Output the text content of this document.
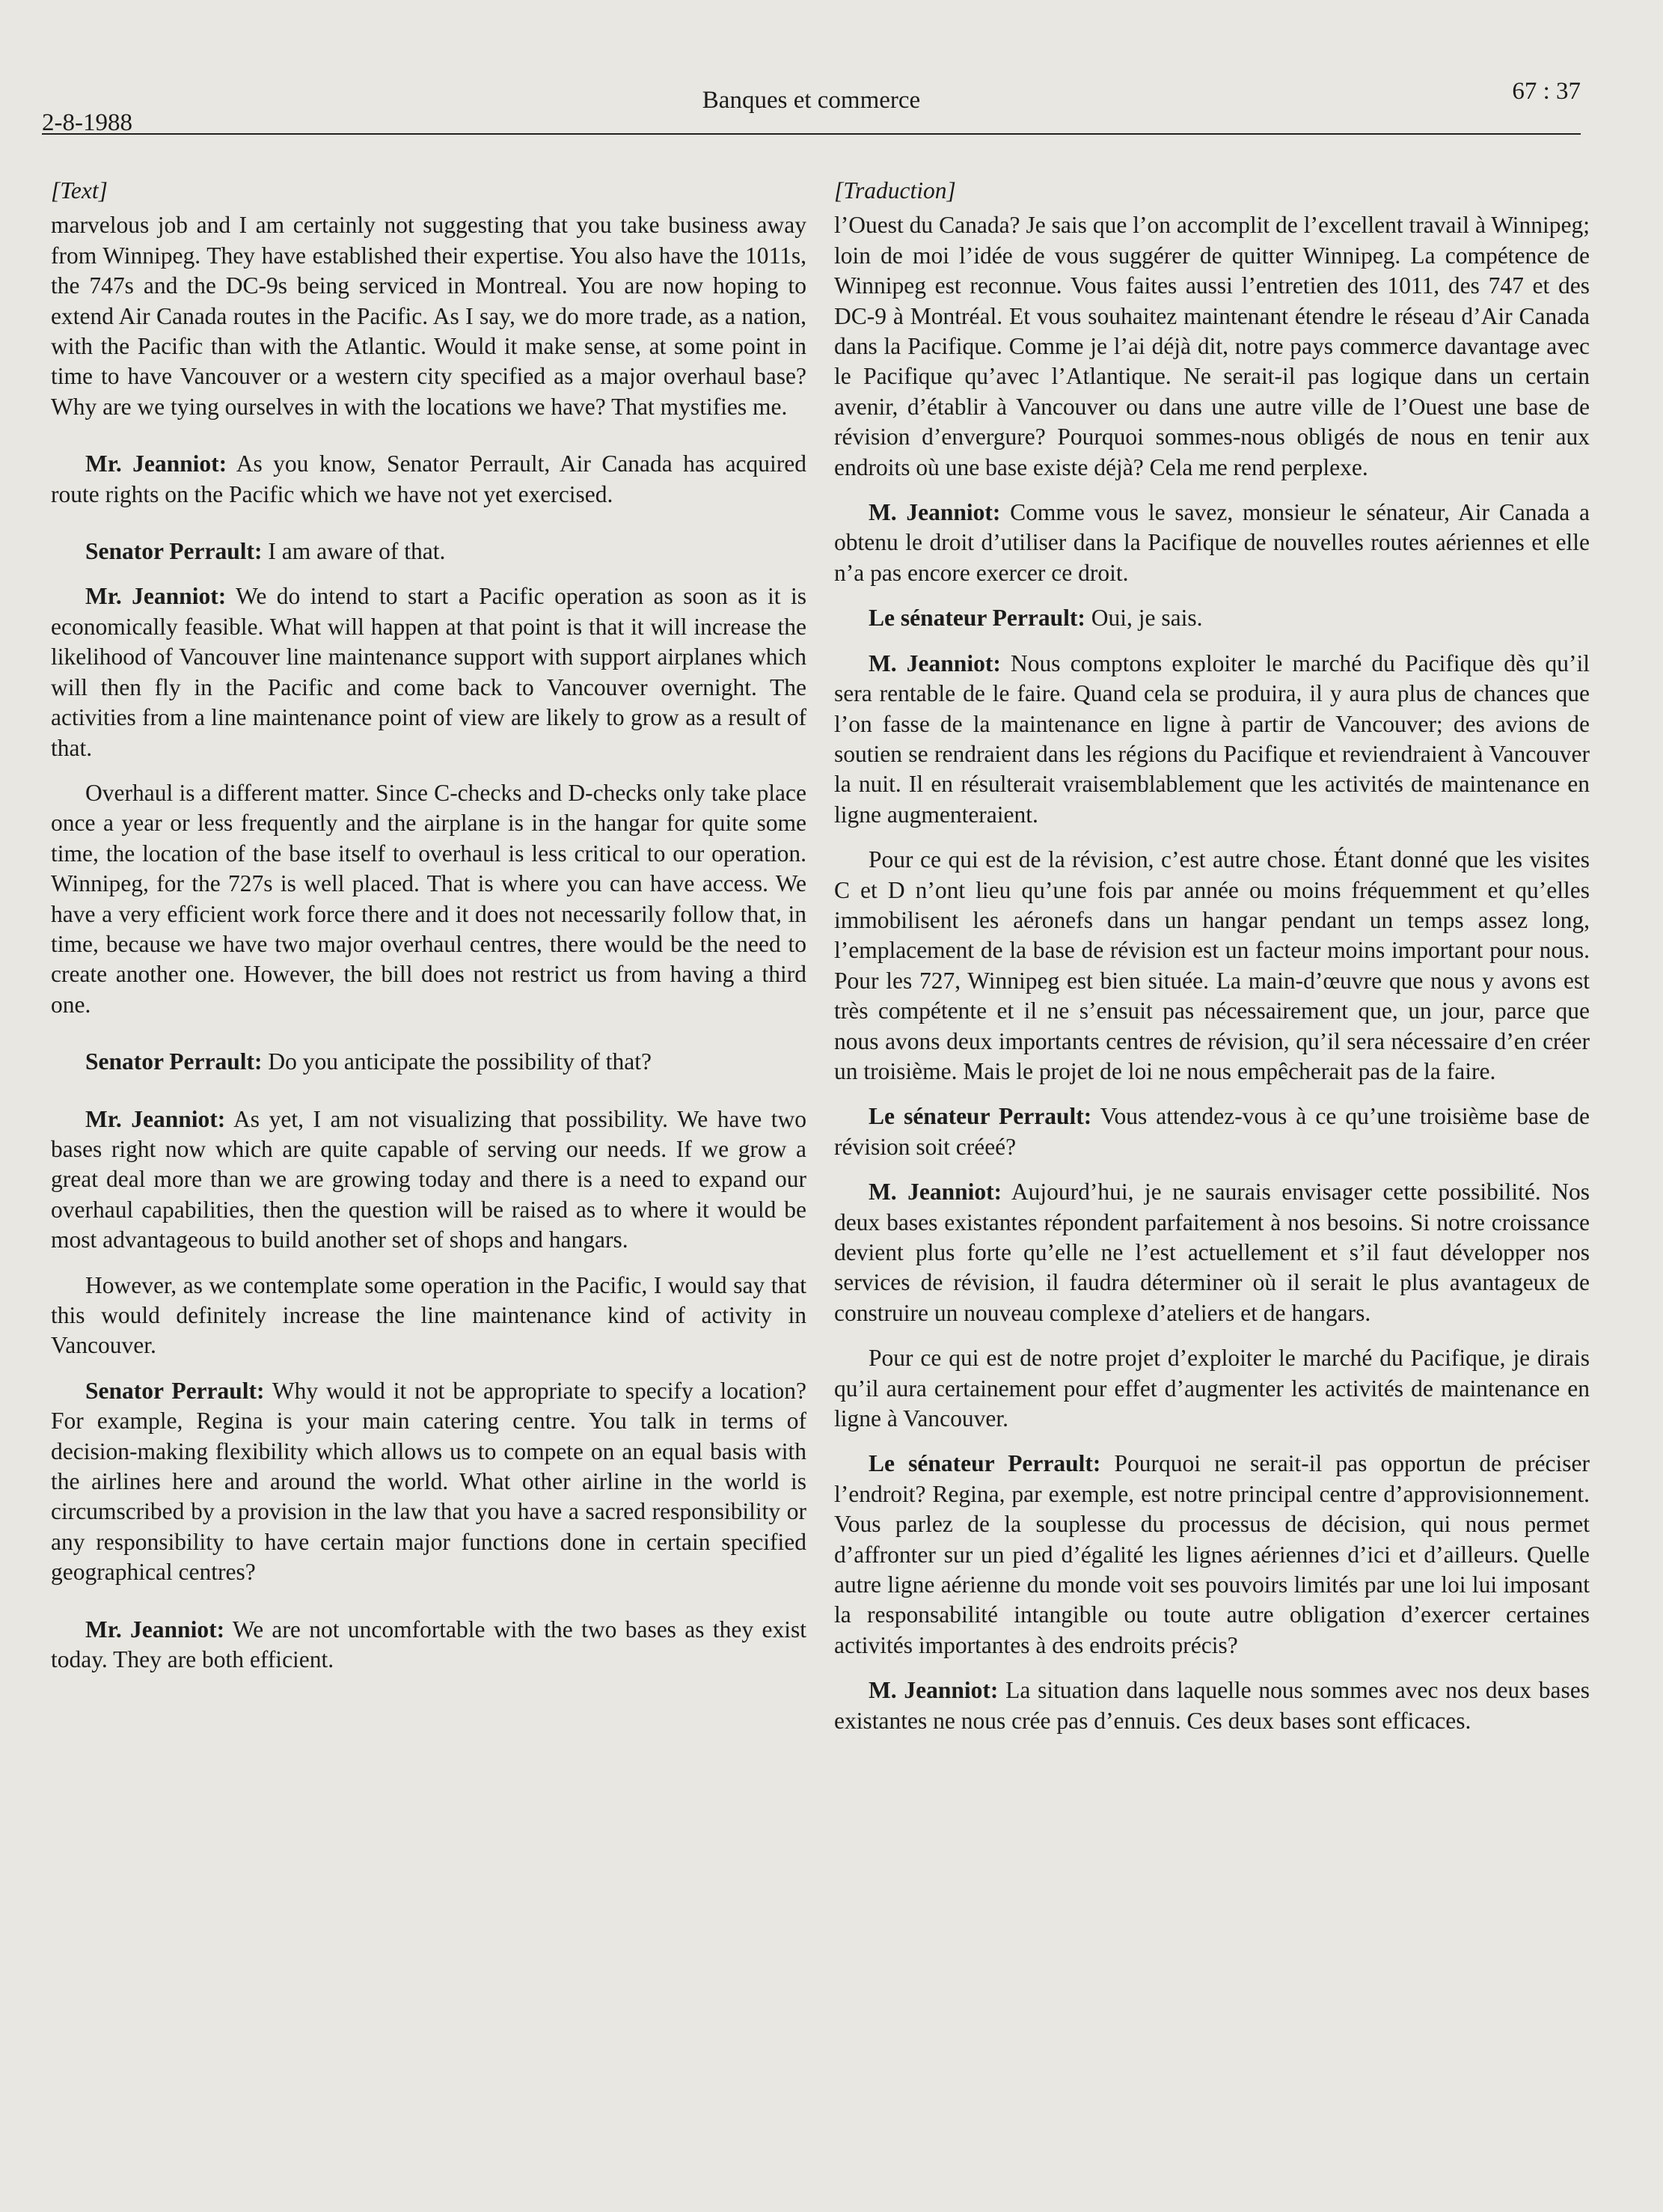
2-8-1988
Banques et commerce	67 : 37
[Text]

marvelous job and I am certainly not suggesting that you take business away from Winnipeg. They have established their expertise. You also have the 1011s, the 747s and the DC-9s being serviced in Montreal. You are now hoping to extend Air Canada routes in the Pacific. As I say, we do more trade, as a nation, with the Pacific than with the Atlantic. Would it make sense, at some point in time to have Vancouver or a western city specified as a major overhaul base? Why are we tying ourselves in with the locations we have? That mystifies me.

Mr. Jeanniot: As you know, Senator Perrault, Air Canada has acquired route rights on the Pacific which we have not yet exercised.

Senator Perrault: I am aware of that.

Mr. Jeanniot: We do intend to start a Pacific operation as soon as it is economically feasible. What will happen at that point is that it will increase the likelihood of Vancouver line maintenance support with support airplanes which will then fly in the Pacific and come back to Vancouver overnight. The activities from a line maintenance point of view are likely to grow as a result of that.

Overhaul is a different matter. Since C-checks and D-checks only take place once a year or less frequently and the airplane is in the hangar for quite some time, the location of the base itself to overhaul is less critical to our operation. Winnipeg, for the 727s is well placed. That is where you can have access. We have a very efficient work force there and it does not necessarily follow that, in time, because we have two major overhaul centres, there would be the need to create another one. However, the bill does not restrict us from having a third one.

Senator Perrault: Do you anticipate the possibility of that?

Mr. Jeanniot: As yet, I am not visualizing that possibility. We have two bases right now which are quite capable of serving our needs. If we grow a great deal more than we are growing today and there is a need to expand our overhaul capabilities, then the question will be raised as to where it would be most advantageous to build another set of shops and hangars.

However, as we contemplate some operation in the Pacific, I would say that this would definitely increase the line maintenance kind of activity in Vancouver.

Senator Perrault: Why would it not be appropriate to specify a location? For example, Regina is your main catering centre. You talk in terms of decision-making flexibility which allows us to compete on an equal basis with the airlines here and around the world. What other airline in the world is circumscribed by a provision in the law that you have a sacred responsibility or any responsibility to have certain major functions done in certain specified geographical centres?

Mr. Jeanniot: We are not uncomfortable with the two bases as they exist today. They are both efficient.

[Traduction]

l’Ouest du Canada? Je sais que l’on accomplit de l’excellent travail à Winnipeg; loin de moi l’idée de vous suggérer de quitter Winnipeg. La compétence de Winnipeg est reconnue. Vous faites aussi l’entretien des 1011, des 747 et des DC-9 à Montréal. Et vous souhaitez maintenant étendre le réseau d’Air Canada dans la Pacifique. Comme je l’ai déjà dit, notre pays commerce davantage avec le Pacifique qu’avec l’Atlantique. Ne serait-il pas logique dans un certain avenir, d’établir à Vancouver ou dans une autre ville de l’Ouest une base de révision d’envergure? Pourquoi sommes-nous obligés de nous en tenir aux endroits où une base existe déjà? Cela me rend perplexe.

M. Jeanniot: Comme vous le savez, monsieur le sénateur, Air Canada a obtenu le droit d’utiliser dans la Pacifique de nouvelles routes aériennes et elle n’a pas encore exercer ce droit.

Le sénateur Perrault: Oui, je sais.

M. Jeanniot: Nous comptons exploiter le marché du Pacifique dès qu’il sera rentable de le faire. Quand cela se produira, il y aura plus de chances que l’on fasse de la maintenance en ligne à partir de Vancouver; des avions de soutien se rendraient dans les régions du Pacifique et reviendraient à Vancouver la nuit. Il en résulterait vraisemblablement que les activités de maintenance en ligne augmenteraient.

Pour ce qui est de la révision, c’est autre chose. Étant donné que les visites C et D n’ont lieu qu’une fois par année ou moins fréquemment et qu’elles immobilisent les aéronefs dans un hangar pendant un temps assez long, l’emplacement de la base de révision est un facteur moins important pour nous. Pour les 727, Winnipeg est bien située. La main-d’œuvre que nous y avons est très compétente et il ne s’ensuit pas nécessairement que, un jour, parce que nous avons deux importants centres de révision, qu’il sera nécessaire d’en créer un troisième. Mais le projet de loi ne nous empêcherait pas de la faire.

Le sénateur Perrault: Vous attendez-vous à ce qu’une troisième base de révision soit créeé?

M. Jeanniot: Aujourd’hui, je ne saurais envisager cette possibilité. Nos deux bases existantes répondent parfaitement à nos besoins. Si notre croissance devient plus forte qu’elle ne l’est actuellement et s’il faut développer nos services de révision, il faudra déterminer où il serait le plus avantageux de construire un nouveau complexe d’ateliers et de hangars.

Pour ce qui est de notre projet d’exploiter le marché du Pacifique, je dirais qu’il aura certainement pour effet d’augmenter les activités de maintenance en ligne à Vancouver.

Le sénateur Perrault: Pourquoi ne serait-il pas opportun de préciser l’endroit? Regina, par exemple, est notre principal centre d’approvisionnement. Vous parlez de la souplesse du processus de décision, qui nous permet d’affronter sur un pied d’égalité les lignes aériennes d’ici et d’ailleurs. Quelle autre ligne aérienne du monde voit ses pouvoirs limités par une loi lui imposant la responsabilité intangible ou toute autre obligation d’exercer certaines activités importantes à des endroits précis?

M. Jeanniot: La situation dans laquelle nous sommes avec nos deux bases existantes ne nous crée pas d’ennuis. Ces deux bases sont efficaces.
